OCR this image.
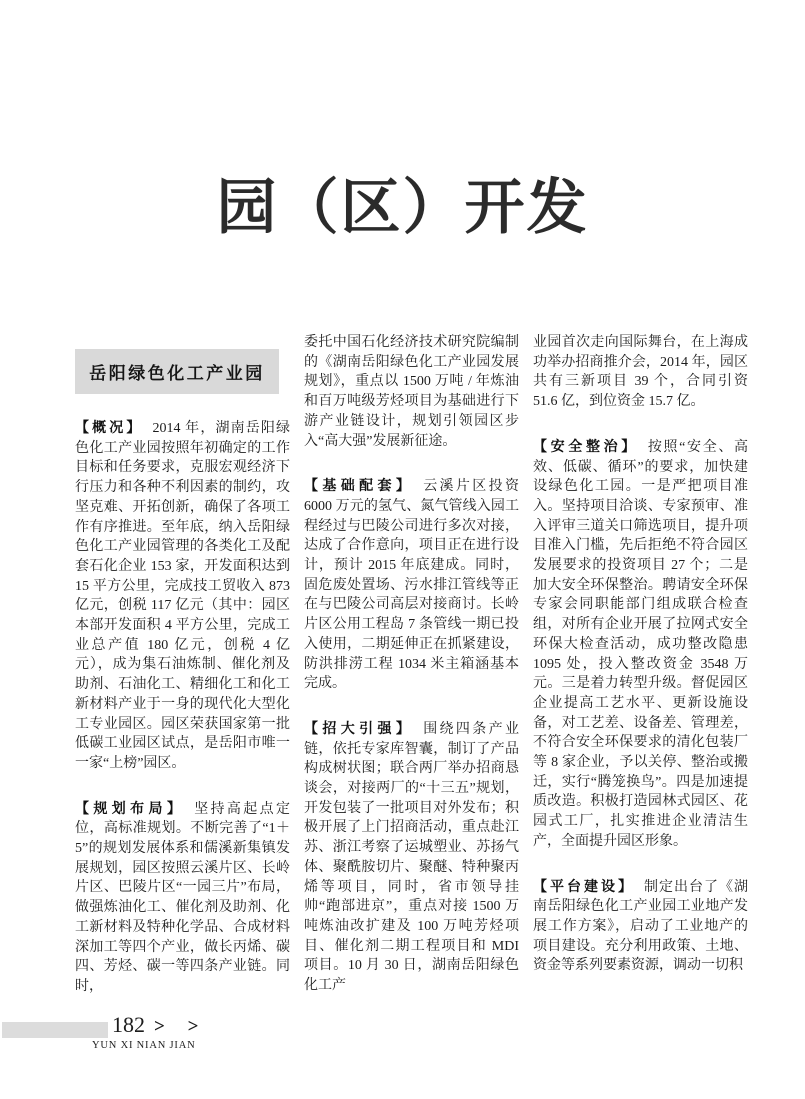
园（区）开发
岳阳绿色化工产业园

【概况】 2014 年，湖南岳阳绿色化工产业园按照年初确定的工作目标和任务要求，克服宏观经济下行压力和各种不利因素的制约，攻坚克难、开拓创新，确保了各项工作有序推进。至年底，纳入岳阳绿色化工产业园管理的各类化工及配套石化企业 153 家，开发面积达到 15 平方公里，完成技工贸收入 873 亿元，创税 117 亿元（其中：园区本部开发面积 4 平方公里，完成工业总产值 180 亿元，创税 4 亿元），成为集石油炼制、催化剂及助剂、石油化工、精细化工和化工新材料产业于一身的现代化大型化工专业园区。园区荣获国家第一批低碳工业园区试点，是岳阳市唯一一家“上榜”园区。

【规划布局】 坚持高起点定位，高标准规划。不断完善了“1＋5”的规划发展体系和儒溪新集镇发展规划，园区按照云溪片区、长岭片区、巴陵片区“一园三片”布局，做强炼油化工、催化剂及助剂、化工新材料及特种化学品、合成材料深加工等四个产业，做长丙烯、碳四、芳烃、碳一等四条产业链。同时，

委托中国石化经济技术研究院编制的《湖南岳阳绿色化工产业园发展规划》，重点以 1500 万吨 / 年炼油和百万吨级芳烃项目为基础进行下游产业链设计，规划引领园区步入“高大强”发展新征途。

【基础配套】 云溪片区投资 6000 万元的氢气、氮气管线入园工程经过与巴陵公司进行多次对接，达成了合作意向，项目正在进行设计，预计 2015 年底建成。同时，固危废处置场、污水排江管线等正在与巴陵公司高层对接商讨。长岭片区公用工程岛 7 条管线一期已投入使用，二期延伸正在抓紧建设，防洪排涝工程 1034 米主箱涵基本完成。

【招大引强】 围绕四条产业链，依托专家库智囊，制订了产品构成树状图；联合两厂举办招商恳谈会，对接两厂的“十三五”规划，开发包装了一批项目对外发布；积极开展了上门招商活动，重点赴江苏、浙江考察了运城塑业、苏扬气体、聚酰胺切片、聚醚、特种聚丙烯等项目，同时，省市领导挂帅“跑部进京”，重点对接 1500 万吨炼油改扩建及 100 万吨芳烃项目、催化剂二期工程项目和 MDI 项目。10 月 30 日，湖南岳阳绿色化工产

业园首次走向国际舞台，在上海成功举办招商推介会，2014 年，园区共有三新项目 39 个，合同引资 51.6 亿，到位资金 15.7 亿。

【安全整治】 按照“安全、高效、低碳、循环”的要求，加快建设绿色化工园。一是严把项目准入。坚持项目洽谈、专家预审、准入评审三道关口筛选项目，提升项目准入门槛，先后拒绝不符合园区发展要求的投资项目 27 个；二是加大安全环保整治。聘请安全环保专家会同职能部门组成联合检查组，对所有企业开展了拉网式安全环保大检查活动，成功整改隐患 1095 处，投入整改资金 3548 万元。三是着力转型升级。督促园区企业提高工艺水平、更新设施设备，对工艺差、设备差、管理差，不符合安全环保要求的清化包装厂等 8 家企业，予以关停、整治或搬迁，实行“腾笼换鸟”。四是加速提质改造。积极打造园林式园区、花园式工厂，扎实推进企业清洁生产，全面提升园区形象。

【平台建设】 制定出台了《湖南岳阳绿色化工产业园工业地产发展工作方案》，启动了工业地产的项目建设。充分利用政策、土地、资金等系列要素资源，调动一切积

182 > >
YUN XI NIAN JIAN
